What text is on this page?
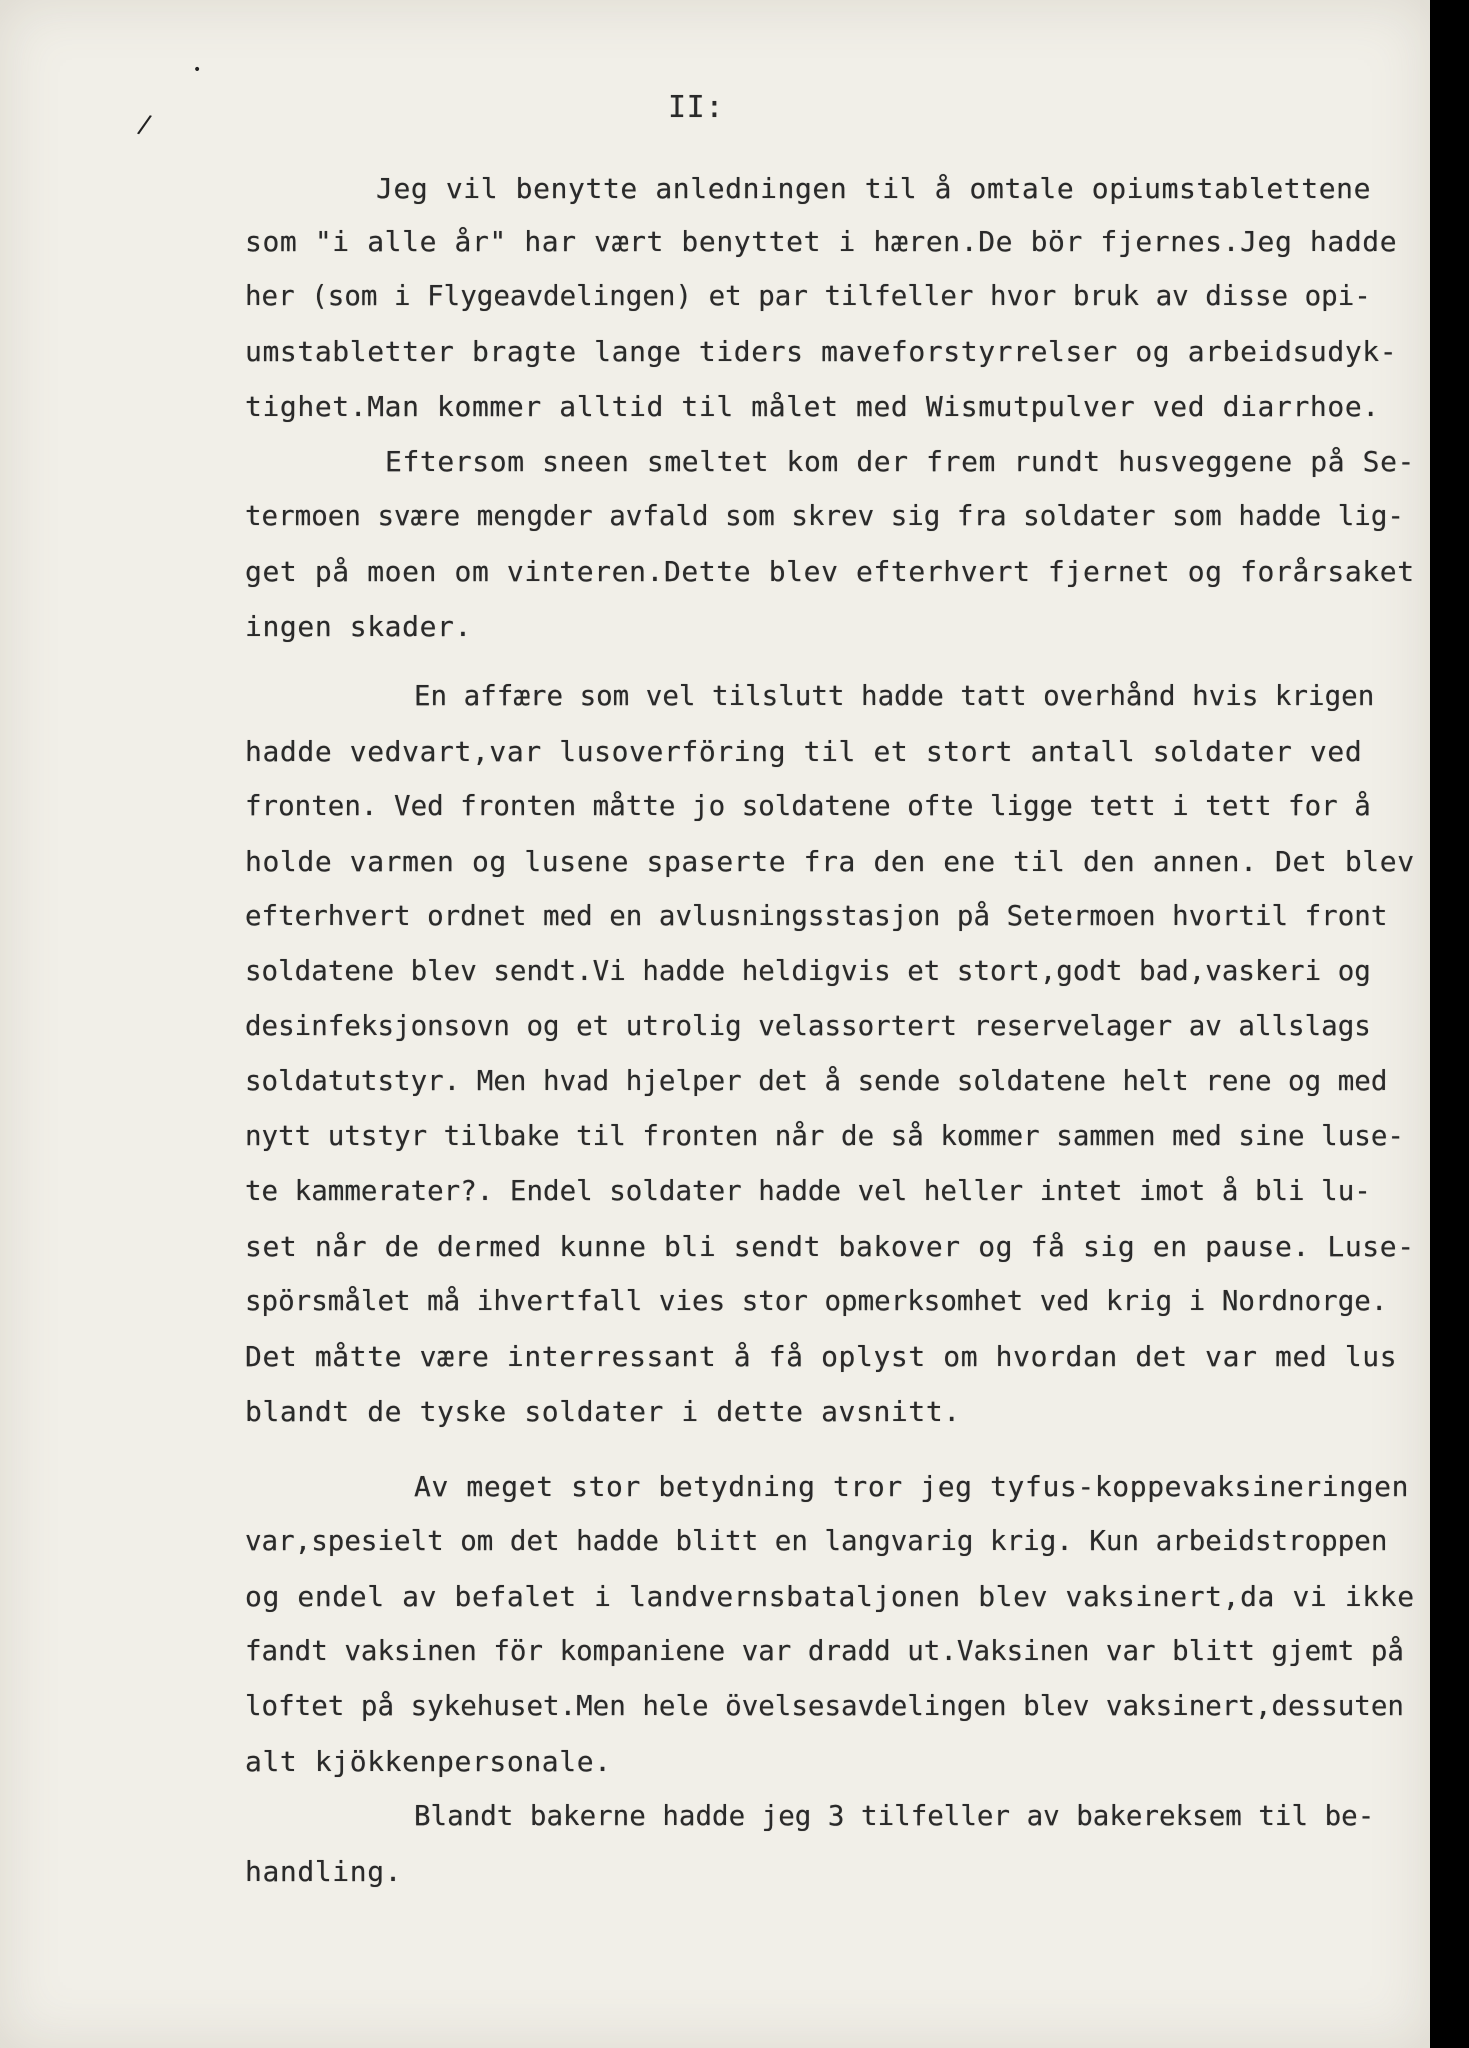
•
/	II:
Jeg vil benytte anledningen til å omtale opiumstablettene
som "i alle år" har vært benyttet i hæren.De bör fjernes.Jeg hadde
her (som i Flygeavdelingen) et par tilfeller hvor bruk av disse opi-
umstabletter bragte lange tiders maveforstyrrelser og arbeidsudyk-
tighet.Man kommer alltid til målet med Wismutpulver ved diarrhoe.
Eftersom sneen smeltet kom der frem rundt husveggene på Se-
termoen svære mengder avfald som skrev sig fra soldater som hadde lig-
get på moen om vinteren.Dette blev efterhvert fjernet og forårsaket
ingen skader.
En affære som vel tilslutt hadde tatt overhånd hvis krigen
hadde vedvart,var lusoverföring til et stort antall soldater ved
fronten. Ved fronten måtte jo soldatene ofte ligge tett i tett for å
holde varmen og lusene spaserte fra den ene til den annen. Det blev
efterhvert ordnet med en avlusningsstasjon på Setermoen hvortil front
soldatene blev sendt.Vi hadde heldigvis et stort,godt bad,vaskeri og
desinfeksjonsovn og et utrolig velassortert reservelager av allslags
soldatutstyr. Men hvad hjelper det å sende soldatene helt rene og med
nytt utstyr tilbake til fronten når de så kommer sammen med sine luse-
te kammerater?. Endel soldater hadde vel heller intet imot å bli lu-
set når de dermed kunne bli sendt bakover og få sig en pause. Luse-
spörsmålet må ihvertfall vies stor opmerksomhet ved krig i Nordnorge.
Det måtte være interressant å få oplyst om hvordan det var med lus
blandt de tyske soldater i dette avsnitt.
Av meget stor betydning tror jeg tyfus-koppevaksineringen
var,spesielt om det hadde blitt en langvarig krig. Kun arbeidstroppen
og endel av befalet i landvernsbataljonen blev vaksinert,da vi ikke
fandt vaksinen för kompaniene var dradd ut.Vaksinen var blitt gjemt på
loftet på sykehuset.Men hele övelsesavdelingen blev vaksinert,dessuten
alt kjökkenpersonale.
Blandt bakerne hadde jeg 3 tilfeller av bakereksem til be-
handling.
